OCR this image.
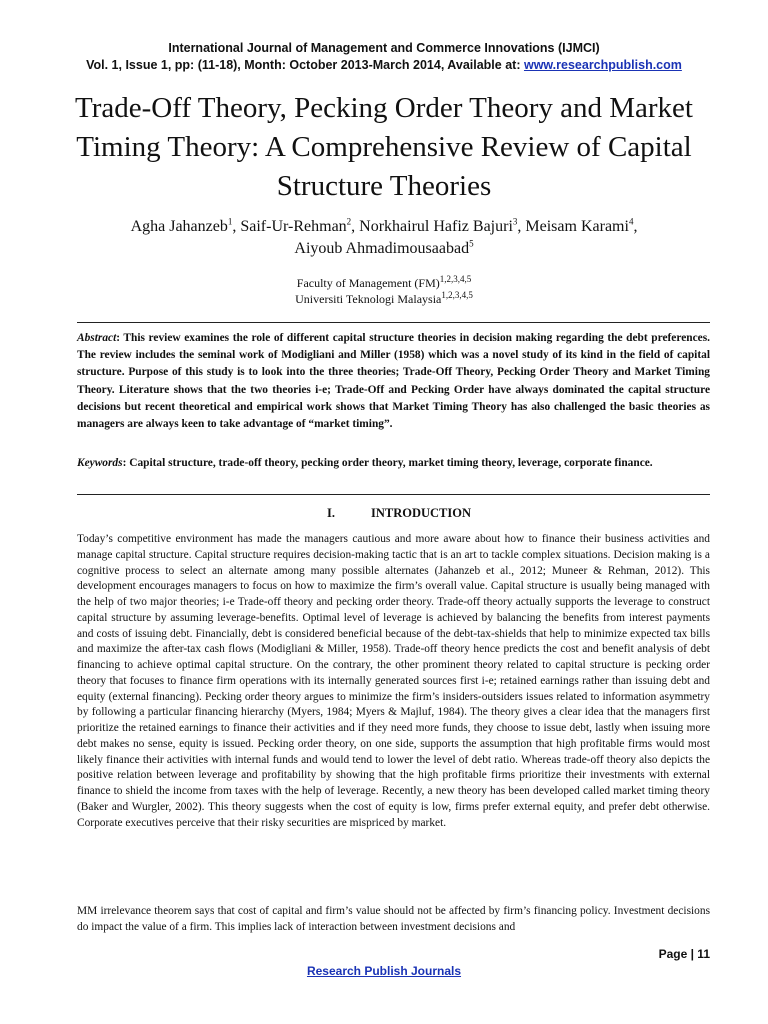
International Journal of Management and Commerce Innovations (IJMCI)
Vol. 1, Issue 1, pp: (11-18), Month: October 2013-March 2014, Available at: www.researchpublish.com
Trade-Off Theory, Pecking Order Theory and Market Timing Theory: A Comprehensive Review of Capital Structure Theories
Agha Jahanzeb$^1$, Saif-Ur-Rehman$^2$, Norkhairul Hafiz Bajuri$^3$, Meisam Karami$^4$,
Aiyoub Ahmadimousaabad$^5$
Faculty of Management (FM)$^{1,2,3,4,5}$
Universiti Teknologi Malaysia$^{1,2,3,4,5}$
Abstract: This review examines the role of different capital structure theories in decision making regarding the debt preferences. The review includes the seminal work of Modigliani and Miller (1958) which was a novel study of its kind in the field of capital structure. Purpose of this study is to look into the three theories; Trade-Off Theory, Pecking Order Theory and Market Timing Theory. Literature shows that the two theories i-e; Trade-Off and Pecking Order have always dominated the capital structure decisions but recent theoretical and empirical work shows that Market Timing Theory has also challenged the basic theories as managers are always keen to take advantage of “market timing”.
Keywords: Capital structure, trade-off theory, pecking order theory, market timing theory, leverage, corporate finance.
I.	INTRODUCTION

Today’s competitive environment has made the managers cautious and more aware about how to finance their business activities and manage capital structure. Capital structure requires decision-making tactic that is an art to tackle complex situations. Decision making is a cognitive process to select an alternate among many possible alternates (Jahanzeb et al., 2012; Muneer & Rehman, 2012). This development encourages managers to focus on how to maximize the firm’s overall value. Capital structure is usually being managed with the help of two major theories; i-e Trade-off theory and pecking order theory. Trade-off theory actually supports the leverage to construct capital structure by assuming leverage-benefits. Optimal level of leverage is achieved by balancing the benefits from interest payments and costs of issuing debt. Financially, debt is considered beneficial because of the debt-tax-shields that help to minimize expected tax bills and maximize the after-tax cash flows (Modigliani & Miller, 1958). Trade-off theory hence predicts the cost and benefit analysis of debt financing to achieve optimal capital structure. On the contrary, the other prominent theory related to capital structure is pecking order theory that focuses to finance firm operations with its internally generated sources first i-e; retained earnings rather than issuing debt and equity (external financing). Pecking order theory argues to minimize the firm’s insiders-outsiders issues related to information asymmetry by following a particular financing hierarchy (Myers, 1984; Myers & Majluf, 1984). The theory gives a clear idea that the managers first prioritize the retained earnings to finance their activities and if they need more funds, they choose to issue debt, lastly when issuing more debt makes no sense, equity is issued. Pecking order theory, on one side, supports the assumption that high profitable firms would most likely finance their activities with internal funds and would tend to lower the level of debt ratio. Whereas trade-off theory also depicts the positive relation between leverage and profitability by showing that the high profitable firms prioritize their investments with external finance to shield the income from taxes with the help of leverage. Recently, a new theory has been developed called market timing theory (Baker and Wurgler, 2002). This theory suggests when the cost of equity is low, firms prefer external equity, and prefer debt otherwise. Corporate executives perceive that their risky securities are mispriced by market.

MM irrelevance theorem says that cost of capital and firm’s value should not be affected by firm’s financing policy. Investment decisions do impact the value of a firm. This implies lack of interaction between investment decisions and

Page | 11
Research Publish Journals
